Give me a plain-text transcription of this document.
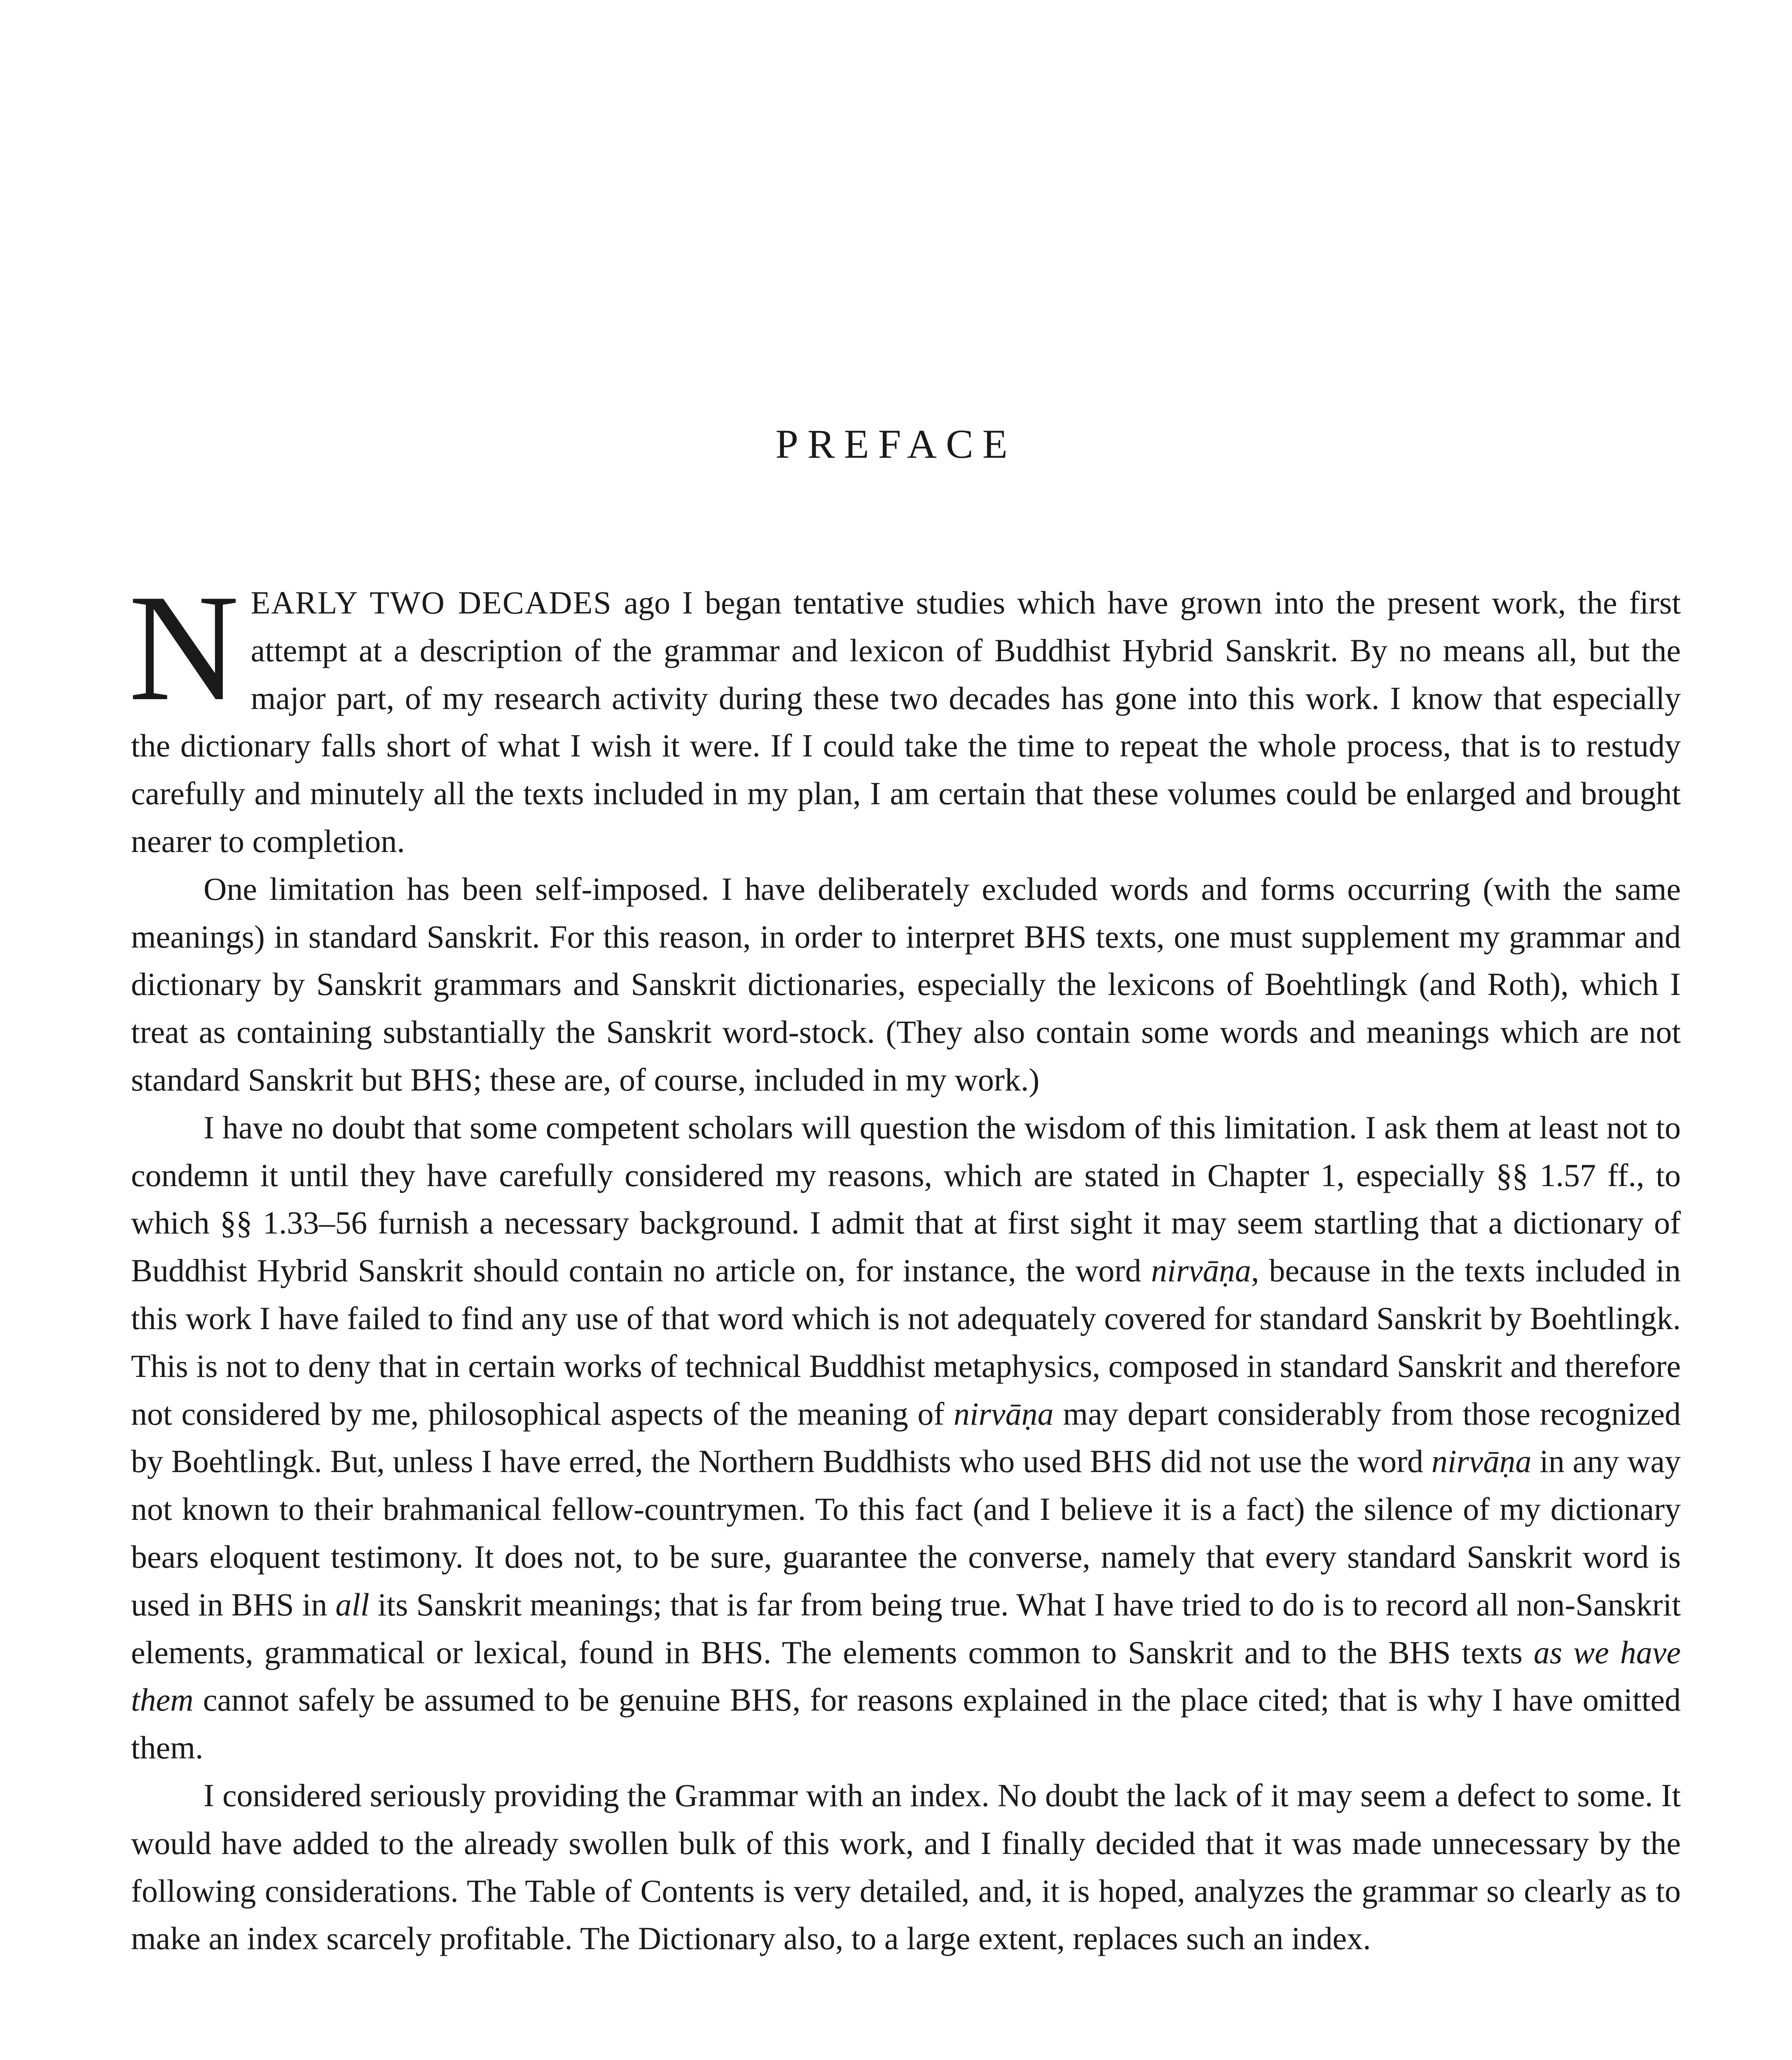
PREFACE

NEARLY TWO DECADES ago I began tentative studies which have grown into the present work, the first attempt at a description of the grammar and lexicon of Buddhist Hybrid Sanskrit. By no means all, but the major part, of my research activity during these two decades has gone into this work. I know that especially the dictionary falls short of what I wish it were. If I could take the time to repeat the whole process, that is to restudy carefully and minutely all the texts included in my plan, I am certain that these volumes could be enlarged and brought nearer to completion.

One limitation has been self-imposed. I have deliberately excluded words and forms occurring (with the same meanings) in standard Sanskrit. For this reason, in order to interpret BHS texts, one must supplement my grammar and dictionary by Sanskrit grammars and Sanskrit dictionaries, especially the lexicons of Boehtlingk (and Roth), which I treat as containing substantially the Sanskrit word-stock. (They also contain some words and meanings which are not standard Sanskrit but BHS; these are, of course, included in my work.)

I have no doubt that some competent scholars will question the wisdom of this limitation. I ask them at least not to condemn it until they have carefully considered my reasons, which are stated in Chapter 1, especially §§ 1.57 ff., to which §§ 1.33–56 furnish a necessary background. I admit that at first sight it may seem startling that a dictionary of Buddhist Hybrid Sanskrit should contain no article on, for instance, the word nirvāṇa, because in the texts included in this work I have failed to find any use of that word which is not adequately covered for standard Sanskrit by Boehtlingk. This is not to deny that in certain works of technical Buddhist metaphysics, composed in standard Sanskrit and therefore not considered by me, philosophical aspects of the meaning of nirvāṇa may depart considerably from those recognized by Boehtlingk. But, unless I have erred, the Northern Buddhists who used BHS did not use the word nirvāṇa in any way not known to their brahmanical fellow-countrymen. To this fact (and I believe it is a fact) the silence of my dictionary bears eloquent testimony. It does not, to be sure, guarantee the converse, namely that every standard Sanskrit word is used in BHS in all its Sanskrit meanings; that is far from being true. What I have tried to do is to record all non-Sanskrit elements, grammatical or lexical, found in BHS. The elements common to Sanskrit and to the BHS texts as we have them cannot safely be assumed to be genuine BHS, for reasons explained in the place cited; that is why I have omitted them.

I considered seriously providing the Grammar with an index. No doubt the lack of it may seem a defect to some. It would have added to the already swollen bulk of this work, and I finally decided that it was made unnecessary by the following considerations. The Table of Contents is very detailed, and, it is hoped, analyzes the grammar so clearly as to make an index scarcely profitable. The Dictionary also, to a large extent, replaces such an index.
